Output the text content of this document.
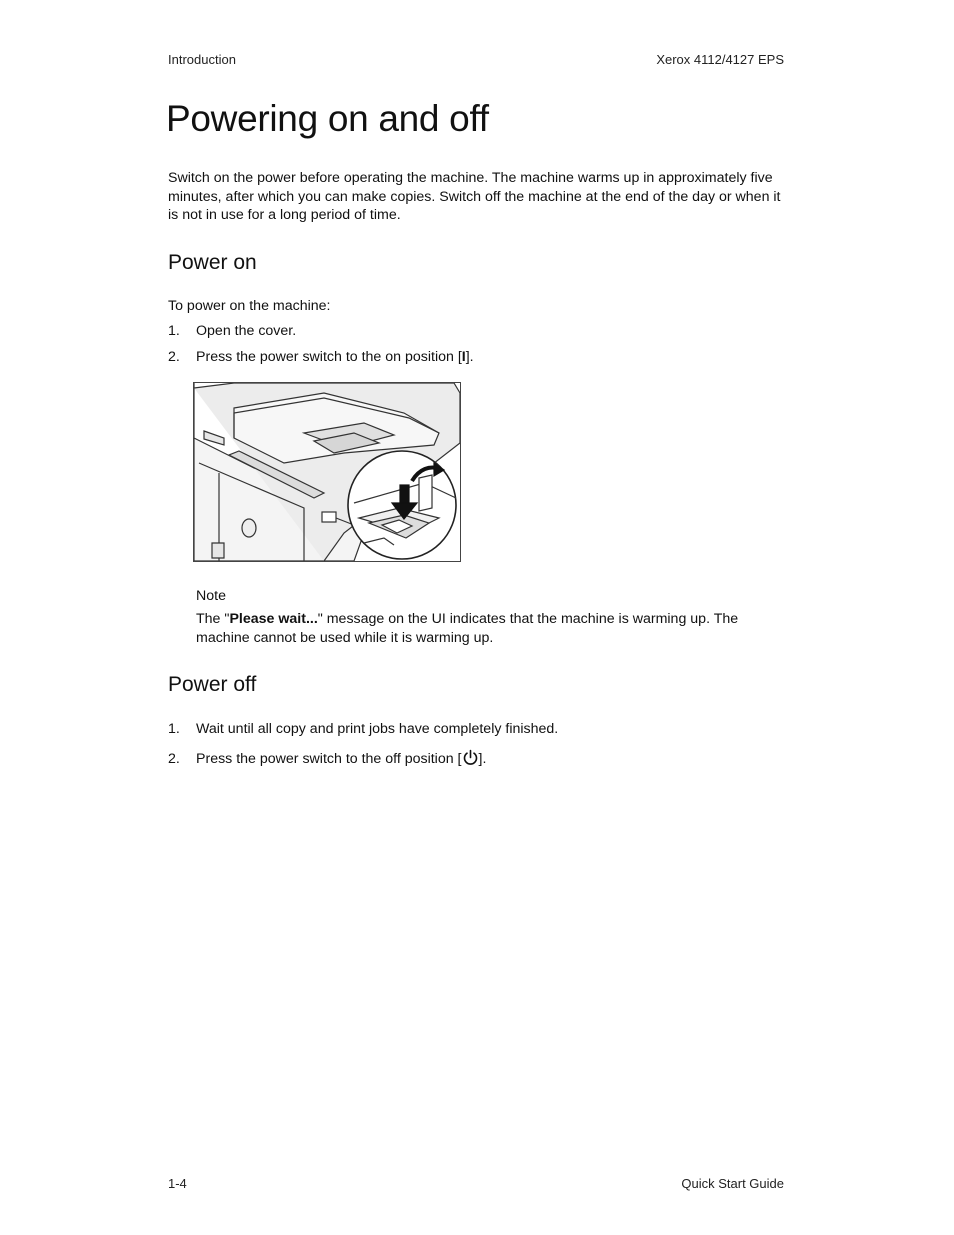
Introduction	Xerox 4112/4127 EPS
Powering on and off

Switch on the power before operating the machine. The machine warms up in approximately five minutes, after which you can make copies. Switch off the machine at the end of the day or when it is not in use for a long period of time.

Power on

To power on the machine:

1. Open the cover.
2. Press the power switch to the on position [I].
Note

The "Please wait..." message on the UI indicates that the machine is warming up. The machine cannot be used while it is warming up.

Power off
1. Wait until all copy and print jobs have completely finished.
2. Press the power switch to the off position [ ].
1-4	Quick Start Guide
